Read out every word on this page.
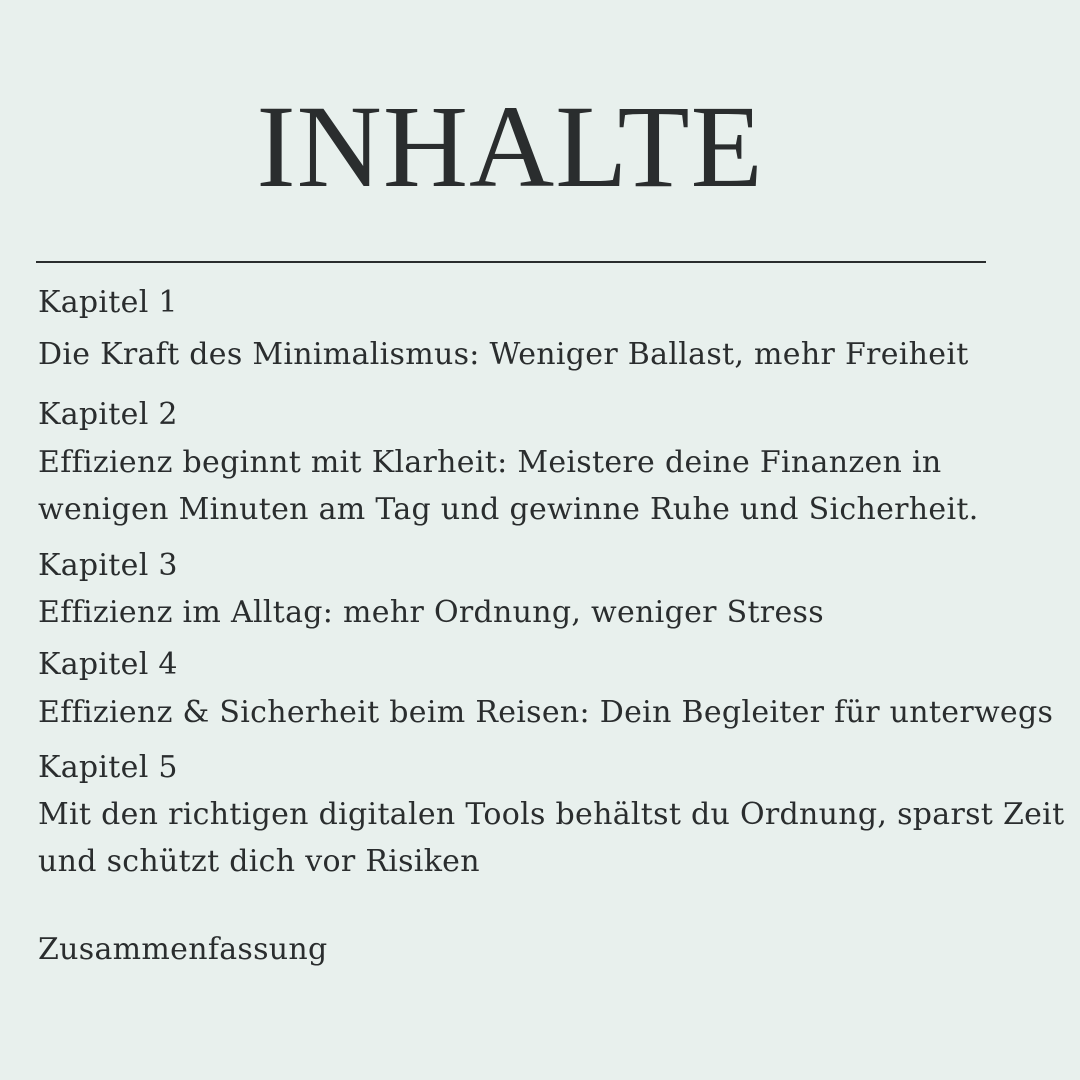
INHALTE
Kapitel 1
Die Kraft des Minimalismus: Weniger Ballast, mehr Freiheit
Kapitel 2
Effizienz beginnt mit Klarheit: Meistere deine Finanzen in
wenigen Minuten am Tag und gewinne Ruhe und Sicherheit.
Kapitel 3
Effizienz im Alltag: mehr Ordnung, weniger Stress
Kapitel 4
Effizienz & Sicherheit beim Reisen: Dein Begleiter für unterwegs
Kapitel 5
Mit den richtigen digitalen Tools behältst du Ordnung, sparst Zeit
und schützt dich vor Risiken
Zusammenfassung
